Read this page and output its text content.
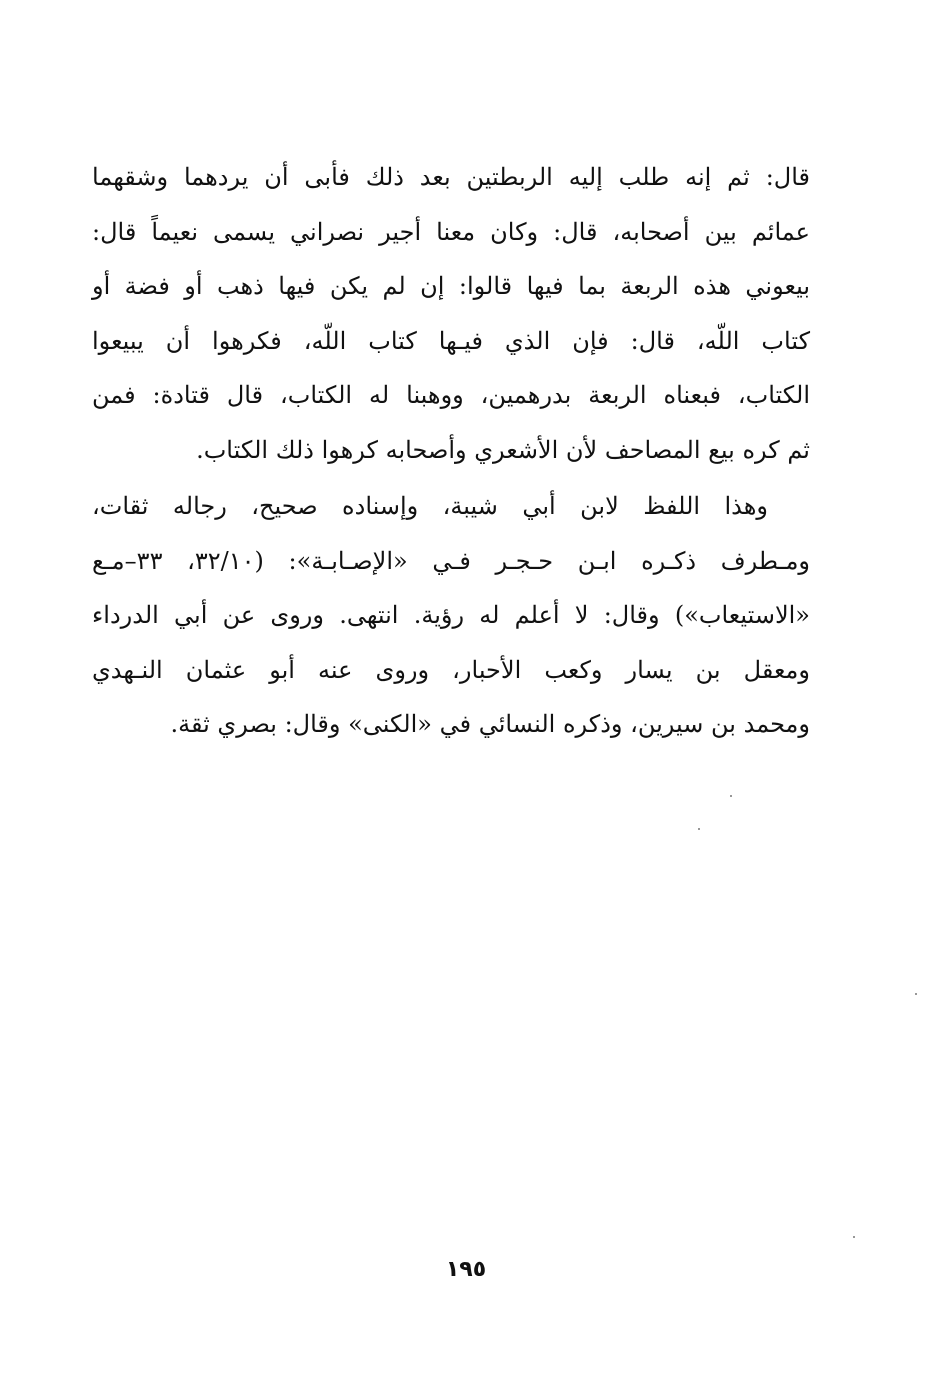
قال: ثم إنه طلب إليه الربطتين بعد ذلك فأبى أن يردهما وشقهما
عمائم بين أصحابه، قال: وكان معنا أجير نصراني يسمى نعيماً قال:
بيعوني هذه الربعة بما فيها قالوا: إن لم يكن فيها ذهب أو فضة أو
كتاب اللّه، قال: فإن الذي فيـها كتاب اللّه، فكرهوا أن يبيعوا
الكتاب، فبعناه الربعة بدرهمين، ووهبنا له الكتاب، قال قتادة: فمن
ثم كره بيع المصاحف لأن الأشعري وأصحابه كرهوا ذلك الكتاب.
وهذا اللفظ لابن أبي شيبة، وإسناده صحيح، رجاله ثقات،
ومـطرف ذكـره ابـن حـجـر فـي «الإصـابـة»: (٣٢/١٠، ٣٣–مـع
«الاستيعاب») وقال: لا أعلم له رؤية. انتهى. وروى عن أبي الدرداء
ومعقل بن يسار وكعب الأحبار، وروى عنه أبو عثمان النـهدي
ومحمد بن سيرين، وذكره النسائي في «الكنى» وقال: بصري ثقة.
١٩٥
